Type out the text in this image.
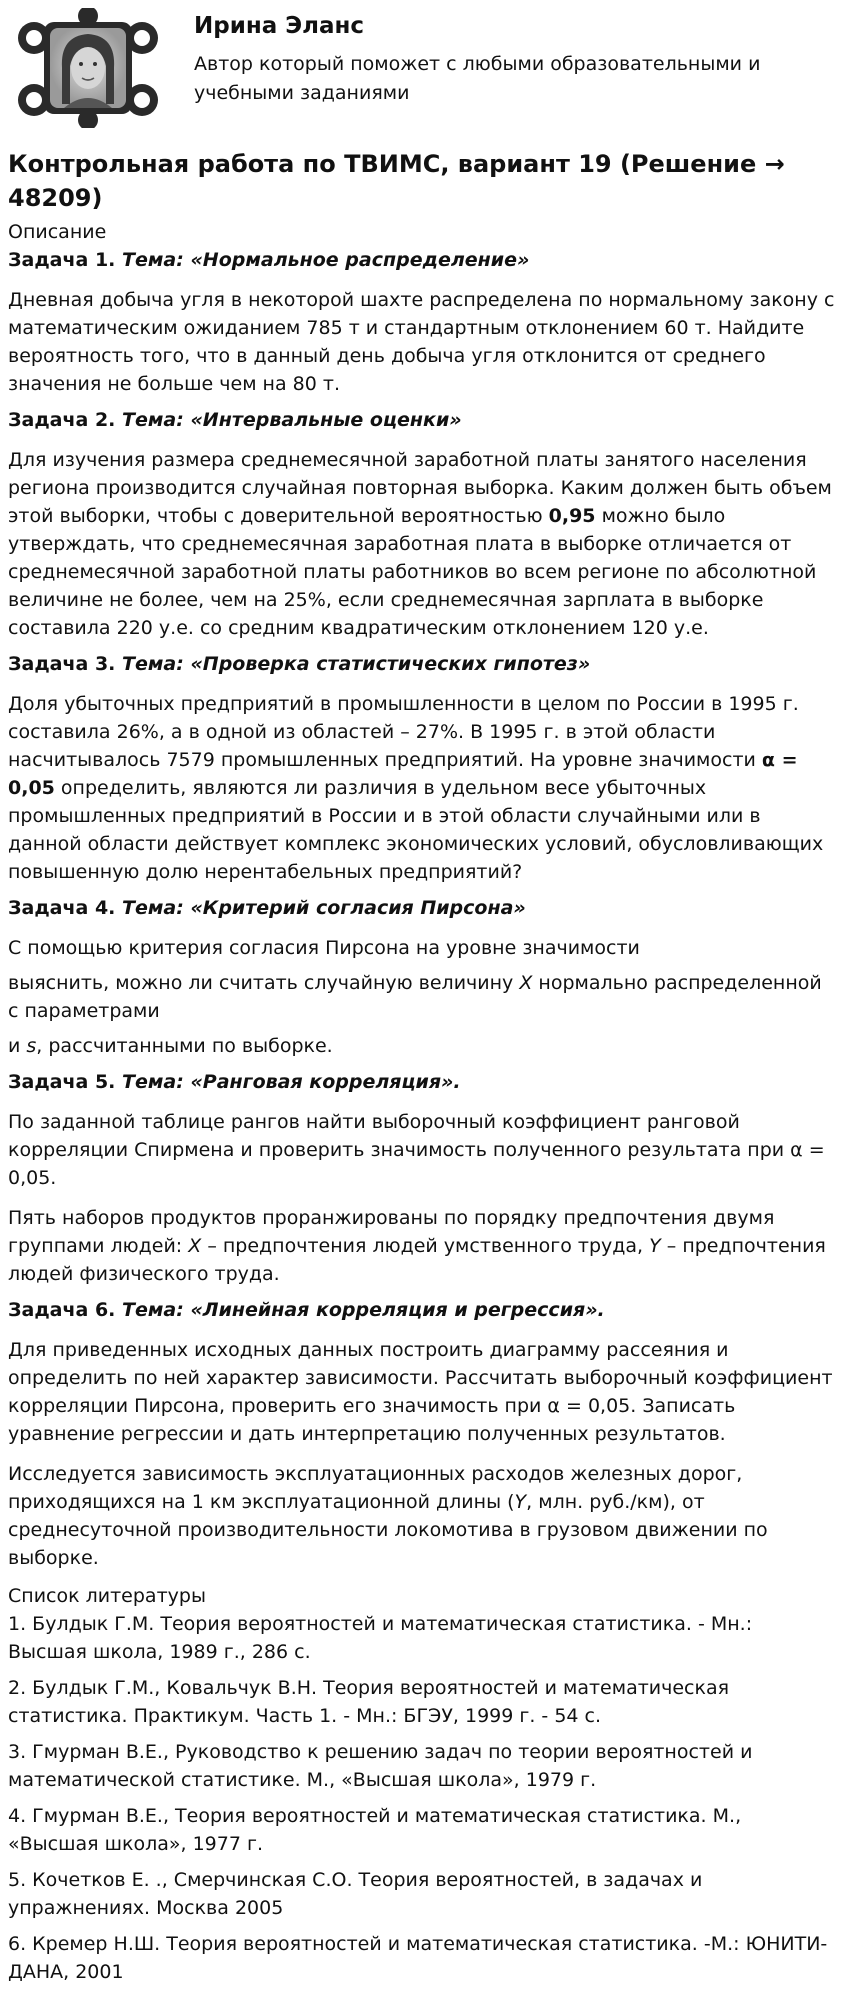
Ирина Эланс
Автор который поможет с любыми образовательными и учебными заданиями
Контрольная работа по ТВИМС, вариант 19 (Решение → 48209)
Описание
Задача 1. Тема: «Нормальное распределение»

Дневная добыча угля в некоторой шахте распределена по нормальному закону с математическим ожиданием 785 т и стандартным отклонением 60 т. Найдите вероятность того, что в данный день добыча угля отклонится от среднего значения не больше чем на 80 т.

Задача 2. Тема: «Интервальные оценки»

Для изучения размера среднемесячной заработной платы занятого населения региона производится случайная повторная выборка. Каким должен быть объем этой выборки, чтобы с доверительной вероятностью 0,95 можно было утверждать, что среднемесячная заработная плата в выборке отличается от среднемесячной заработной платы работников во всем регионе по абсолютной величине не более, чем на 25%, если среднемесячная зарплата в выборке составила 220 у.е. со средним квадратическим отклонением 120 у.е.

Задача 3. Тема: «Проверка статистических гипотез»

Доля убыточных предприятий в промышленности в целом по России в 1995 г. составила 26%, а в одной из областей – 27%. В 1995 г. в этой области насчитывалось 7579 промышленных предприятий. На уровне значимости α = 0,05 определить, являются ли различия в удельном весе убыточных промышленных предприятий в России и в этой области случайными или в данной области действует комплекс экономических условий, обусловливающих повышенную долю нерентабельных предприятий?

Задача 4. Тема: «Критерий согласия Пирсона»

С помощью критерия согласия Пирсона на уровне значимости

выяснить, можно ли считать случайную величину X нормально распределенной с параметрами

и s, рассчитанными по выборке.

Задача 5. Тема: «Ранговая корреляция».

По заданной таблице рангов найти выборочный коэффициент ранговой корреляции Спирмена и проверить значимость полученного результата при α = 0,05.

Пять наборов продуктов проранжированы по порядку предпочтения двумя группами людей: X – предпочтения людей умственного труда, Y – предпочтения людей физического труда.

Задача 6. Тема: «Линейная корреляция и регрессия».

Для приведенных исходных данных построить диаграмму рассеяния и определить по ней характер зависимости. Рассчитать выборочный коэффициент корреляции Пирсона, проверить его значимость при α = 0,05. Записать уравнение регрессии и дать интерпретацию полученных результатов.

Исследуется зависимость эксплуатационных расходов железных дорог, приходящихся на 1 км эксплуатационной длины (Y, млн. руб./км), от среднесуточной производительности локомотива в грузовом движении по выборке.

Список литературы

1. Булдык Г.М. Теория вероятностей и математическая статистика. - Мн.: Высшая школа, 1989 г., 286 с.

2. Булдык Г.М., Ковальчук В.Н. Теория вероятностей и математическая статистика. Практикум. Часть 1. - Мн.: БГЭУ, 1999 г. - 54 с.

3. Гмурман В.Е., Руководство к решению задач по теории вероятностей и математической статистике. М., «Высшая школа», 1979 г.

4. Гмурман В.Е., Теория вероятностей и математическая статистика. М., «Высшая школа», 1977 г.

5. Кочетков Е. ., Смерчинская С.О. Теория вероятностей, в задачах и упражнениях. Москва 2005

6. Кремер Н.Ш. Теория вероятностей и математическая статистика. -М.: ЮНИТИ-ДАНА, 2001
